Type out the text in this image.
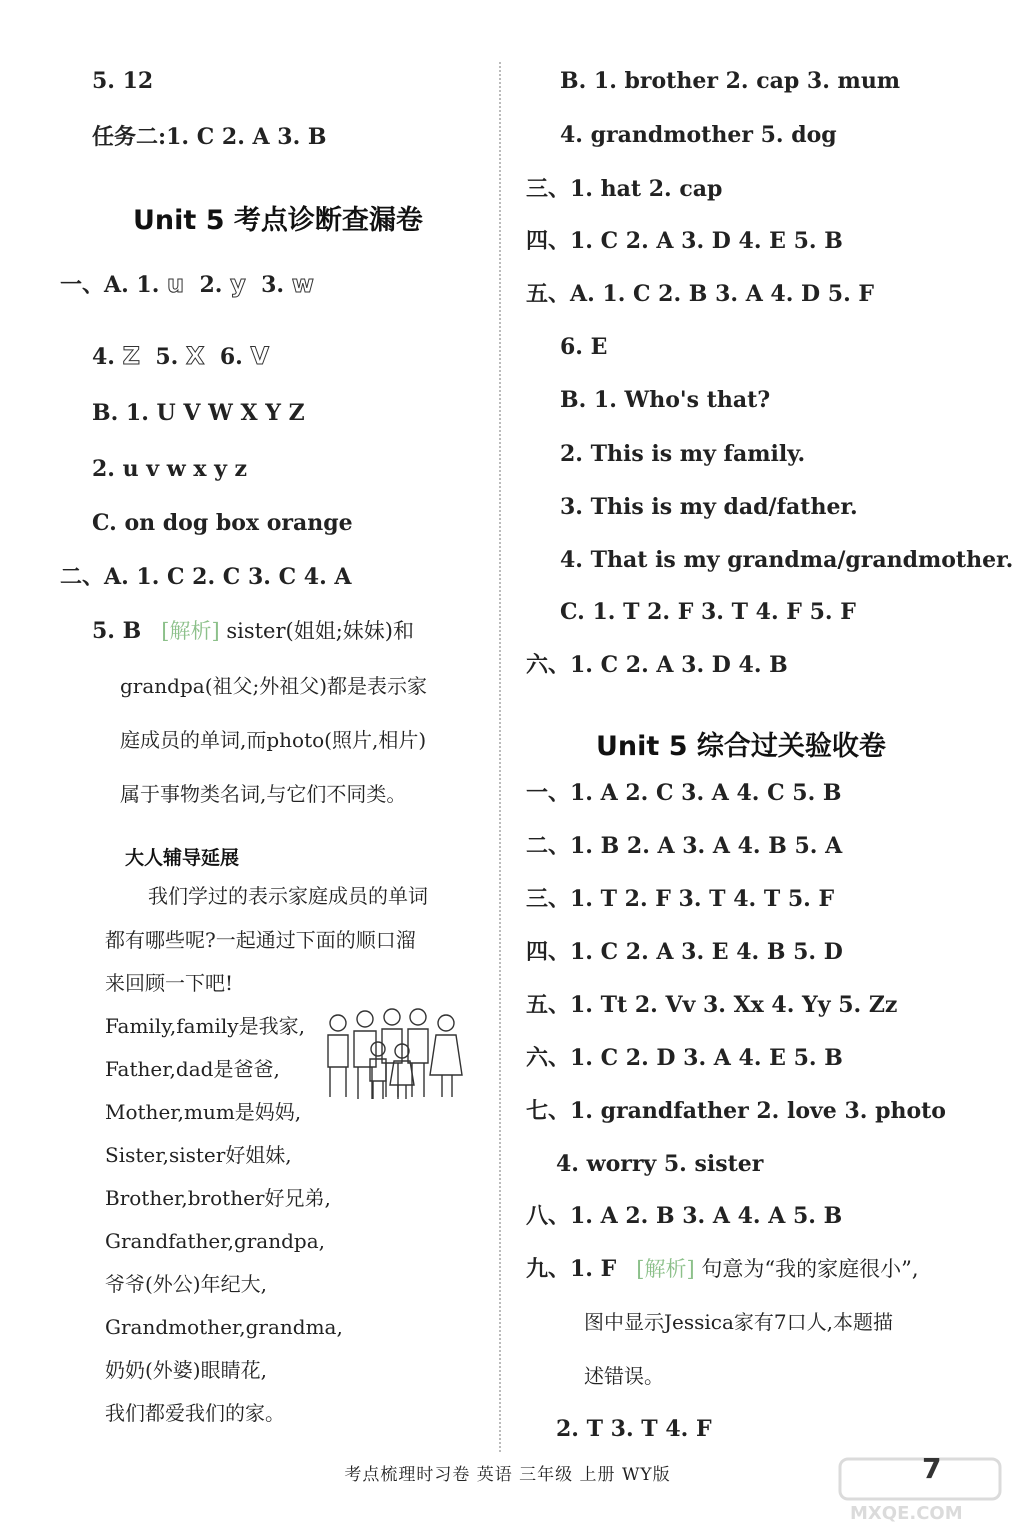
5. 12
任务二:1. C 2. A 3. B
Unit 5 考点诊断查漏卷
一、A. 1. u 2. y 3. w
4. Z 5. X 6. V
B. 1. U V W X Y Z
2. u v w x y z
C. on dog box orange
二、A. 1. C 2. C 3. C 4. A
5. B [解析] sister(姐姐;妹妹)和
grandpa(祖父;外祖父)都是表示家
庭成员的单词,而photo(照片,相片)
属于事物类名词,与它们不同类。
大人辅导延展
我们学过的表示家庭成员的单词
都有哪些呢?一起通过下面的顺口溜
来回顾一下吧!
Family,family是我家,
Father,dad是爸爸,
Mother,mum是妈妈,
Sister,sister好姐妹,
Brother,brother好兄弟,
Grandfather,grandpa,
爷爷(外公)年纪大,
Grandmother,grandma,
奶奶(外婆)眼睛花,
我们都爱我们的家。
B. 1. brother 2. cap 3. mum
4. grandmother 5. dog
三、1. hat 2. cap
四、1. C 2. A 3. D 4. E 5. B
五、A. 1. C 2. B 3. A 4. D 5. F
6. E
B. 1. Who's that?
2. This is my family.
3. This is my dad/father.
4. That is my grandma/grandmother.
C. 1. T 2. F 3. T 4. F 5. F
六、1. C 2. A 3. D 4. B
Unit 5 综合过关验收卷
一、1. A 2. C 3. A 4. C 5. B
二、1. B 2. A 3. A 4. B 5. A
三、1. T 2. F 3. T 4. T 5. F
四、1. C 2. A 3. E 4. B 5. D
五、1. Tt 2. Vv 3. Xx 4. Yy 5. Zz
六、1. C 2. D 3. A 4. E 5. B
七、1. grandfather 2. love 3. photo
4. worry 5. sister
八、1. A 2. B 3. A 4. A 5. B
九、1. F [解析] 句意为“我的家庭很小”,
图中显示Jessica家有7口人,本题描
述错误。
2. T 3. T 4. F
考点梳理时习卷 英语 三年级 上册 WY版
MXQE.COM
7
